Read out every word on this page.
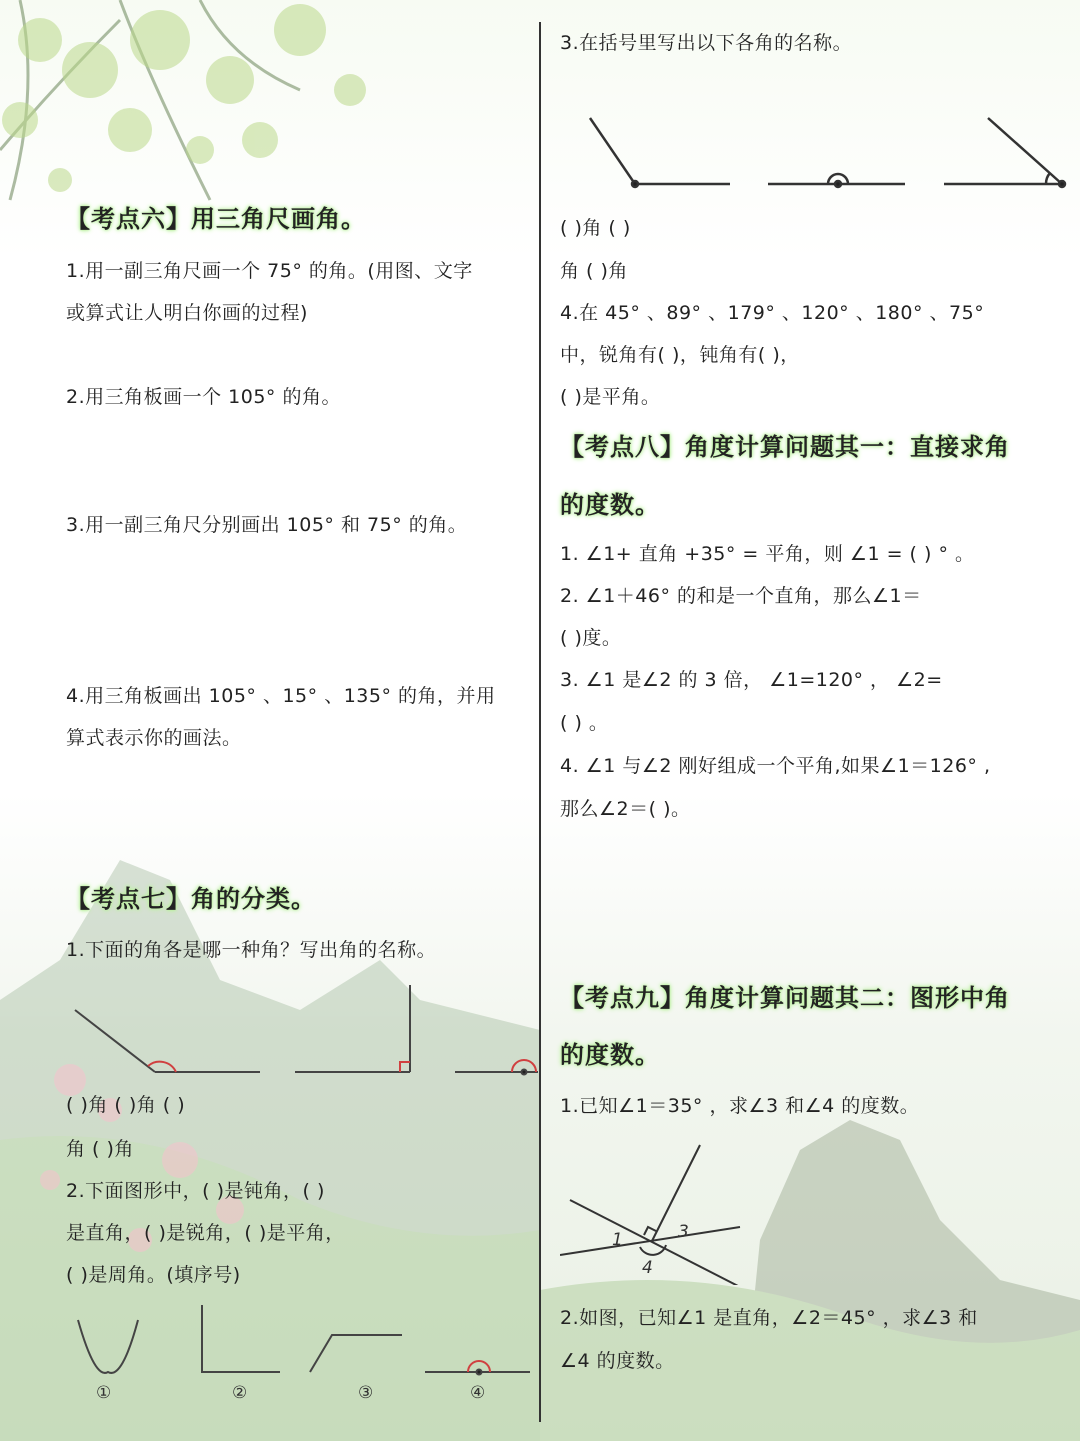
【考点六】用三角尺画角。
1.用一副三角尺画一个 75° 的角。(用图、文字
或算式让人明白你画的过程)
2.用三角板画一个 105° 的角。
3.用一副三角尺分别画出 105° 和 75° 的角。
4.用三角板画出 105° 、15° 、135° 的角，并用
算式表示你的画法。
【考点七】角的分类。
1.下面的角各是哪一种角？写出角的名称。
( )角 ( )角 ( )
角 ( )角
2.下面图形中，( )是钝角，( )
是直角，( )是锐角，( )是平角，
( )是周角。(填序号)
①	②	③	④
3.在括号里写出以下各角的名称。
( )角 ( )
角 ( )角
4.在 45° 、89° 、179° 、120° 、180° 、75°
中，锐角有( )，钝角有( )，
( )是平角。
【考点八】角度计算问题其一：直接求角
的度数。
1. ∠1+ 直角 +35° = 平角，则 ∠1 = ( ) ° 。
2. ∠1＋46° 的和是一个直角，那么∠1＝
( )度。
3. ∠1 是∠2 的 3 倍， ∠1=120° ， ∠2=
( ) 。
4. ∠1 与∠2 刚好组成一个平角,如果∠1＝126° ,
那么∠2＝( )。
【考点九】角度计算问题其二：图形中角
的度数。
1.已知∠1＝35° ，求∠3 和∠4 的度数。
1	3
4
2.如图，已知∠1 是直角，∠2＝45° ，求∠3 和
∠4 的度数。
